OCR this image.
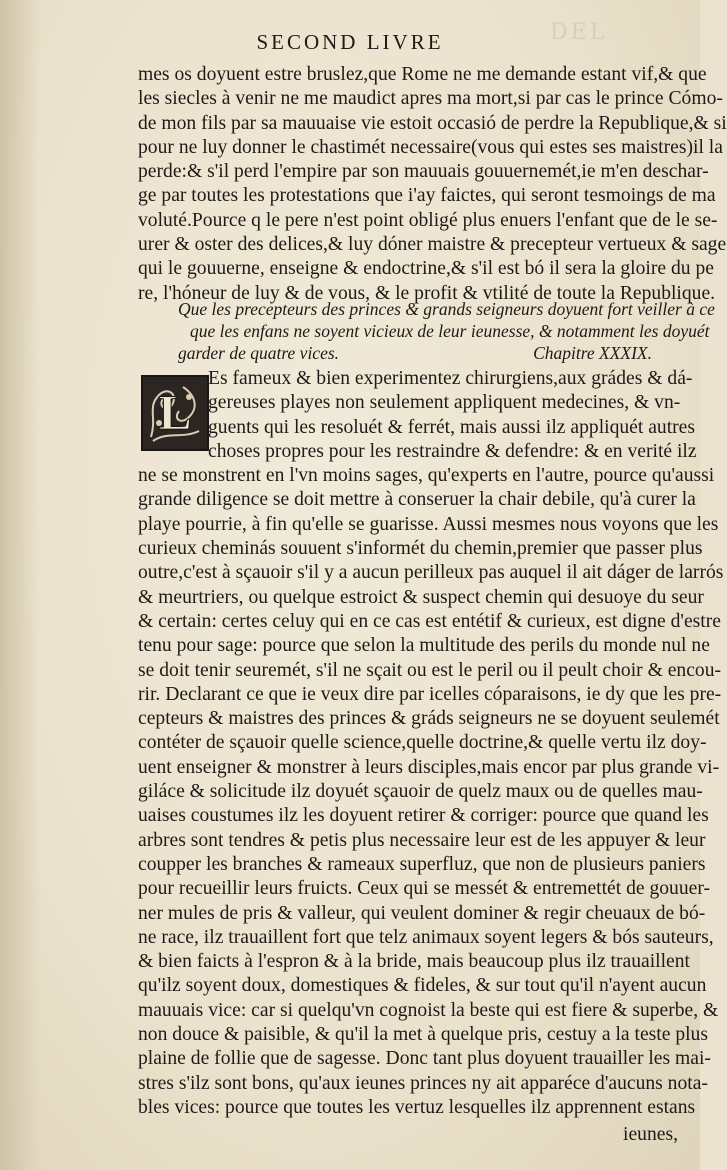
DEL
SECOND LIVRE
mes os doyuent estre bruslez,que Rome ne me demande estant vif,& que
les siecles à venir ne me maudict apres ma mort,si par cas le prince Cómo-
de mon fils par sa mauuaise vie estoit occasió de perdre la Republique,& si
pour ne luy donner le chastimét necessaire(vous qui estes ses maistres)il la
perde:& s'il perd l'empire par son mauuais gouuernemét,ie m'en deschar-
ge par toutes les protestations que i'ay faictes, qui seront tesmoings de ma
voluté.Pource q le pere n'est point obligé plus enuers l'enfant que de le se-
urer & oster des delices,& luy dóner maistre & precepteur vertueux & sage
qui le gouuerne, enseigne & endoctrine,& s'il est bó il sera la gloire du pe
re, l'hóneur de luy & de vous, & le profit & vtilité de toute la Republique.
Que les precepteurs des princes & grands seigneurs doyuent fort veiller à ce
que les enfans ne soyent vicieux de leur ieunesse, & notamment les doyuét
garder de quatre vices.	Chapitre XXXIX.
L
Es fameux & bien experimentez chirurgiens,aux grádes & dá-
gereuses playes non seulement appliquent medecines, & vn-
guents qui les resoluét & ferrét, mais aussi ilz appliquét autres
choses propres pour les restraindre & defendre: & en verité ilz
ne se monstrent en l'vn moins sages, qu'experts en l'autre, pource qu'aussi
grande diligence se doit mettre à conseruer la chair debile, qu'à curer la
playe pourrie, à fin qu'elle se guarisse. Aussi mesmes nous voyons que les
curieux cheminás souuent s'informét du chemin,premier que passer plus
outre,c'est à sçauoir s'il y a aucun perilleux pas auquel il ait dáger de larrós
& meurtriers, ou quelque estroict & suspect chemin qui desuoye du seur
& certain: certes celuy qui en ce cas est entétif & curieux, est digne d'estre
tenu pour sage: pource que selon la multitude des perils du monde nul ne
se doit tenir seuremét, s'il ne sçait ou est le peril ou il peult choir & encou-
rir. Declarant ce que ie veux dire par icelles cóparaisons, ie dy que les pre-
cepteurs & maistres des princes & gráds seigneurs ne se doyuent seulemét
contéter de sçauoir quelle science,quelle doctrine,& quelle vertu ilz doy-
uent enseigner & monstrer à leurs disciples,mais encor par plus grande vi-
giláce & solicitude ilz doyuét sçauoir de quelz maux ou de quelles mau-
uaises coustumes ilz les doyuent retirer & corriger: pource que quand les
arbres sont tendres & petis plus necessaire leur est de les appuyer & leur
coupper les branches & rameaux superfluz, que non de plusieurs paniers
pour recueillir leurs fruicts. Ceux qui se messét & entremettét de gouuer-
ner mules de pris & valleur, qui veulent dominer & regir cheuaux de bó-
ne race, ilz trauaillent fort que telz animaux soyent legers & bós sauteurs,
& bien faicts à l'espron & à la bride, mais beaucoup plus ilz trauaillent
qu'ilz soyent doux, domestiques & fideles, & sur tout qu'il n'ayent aucun
mauuais vice: car si quelqu'vn cognoist la beste qui est fiere & superbe, &
non douce & paisible, & qu'il la met à quelque pris, cestuy a la teste plus
plaine de follie que de sagesse. Donc tant plus doyuent trauailler les mai-
stres s'ilz sont bons, qu'aux ieunes princes ny ait apparéce d'aucuns nota-
bles vices: pource que toutes les vertuz lesquelles ilz apprennent estans
ieunes,
